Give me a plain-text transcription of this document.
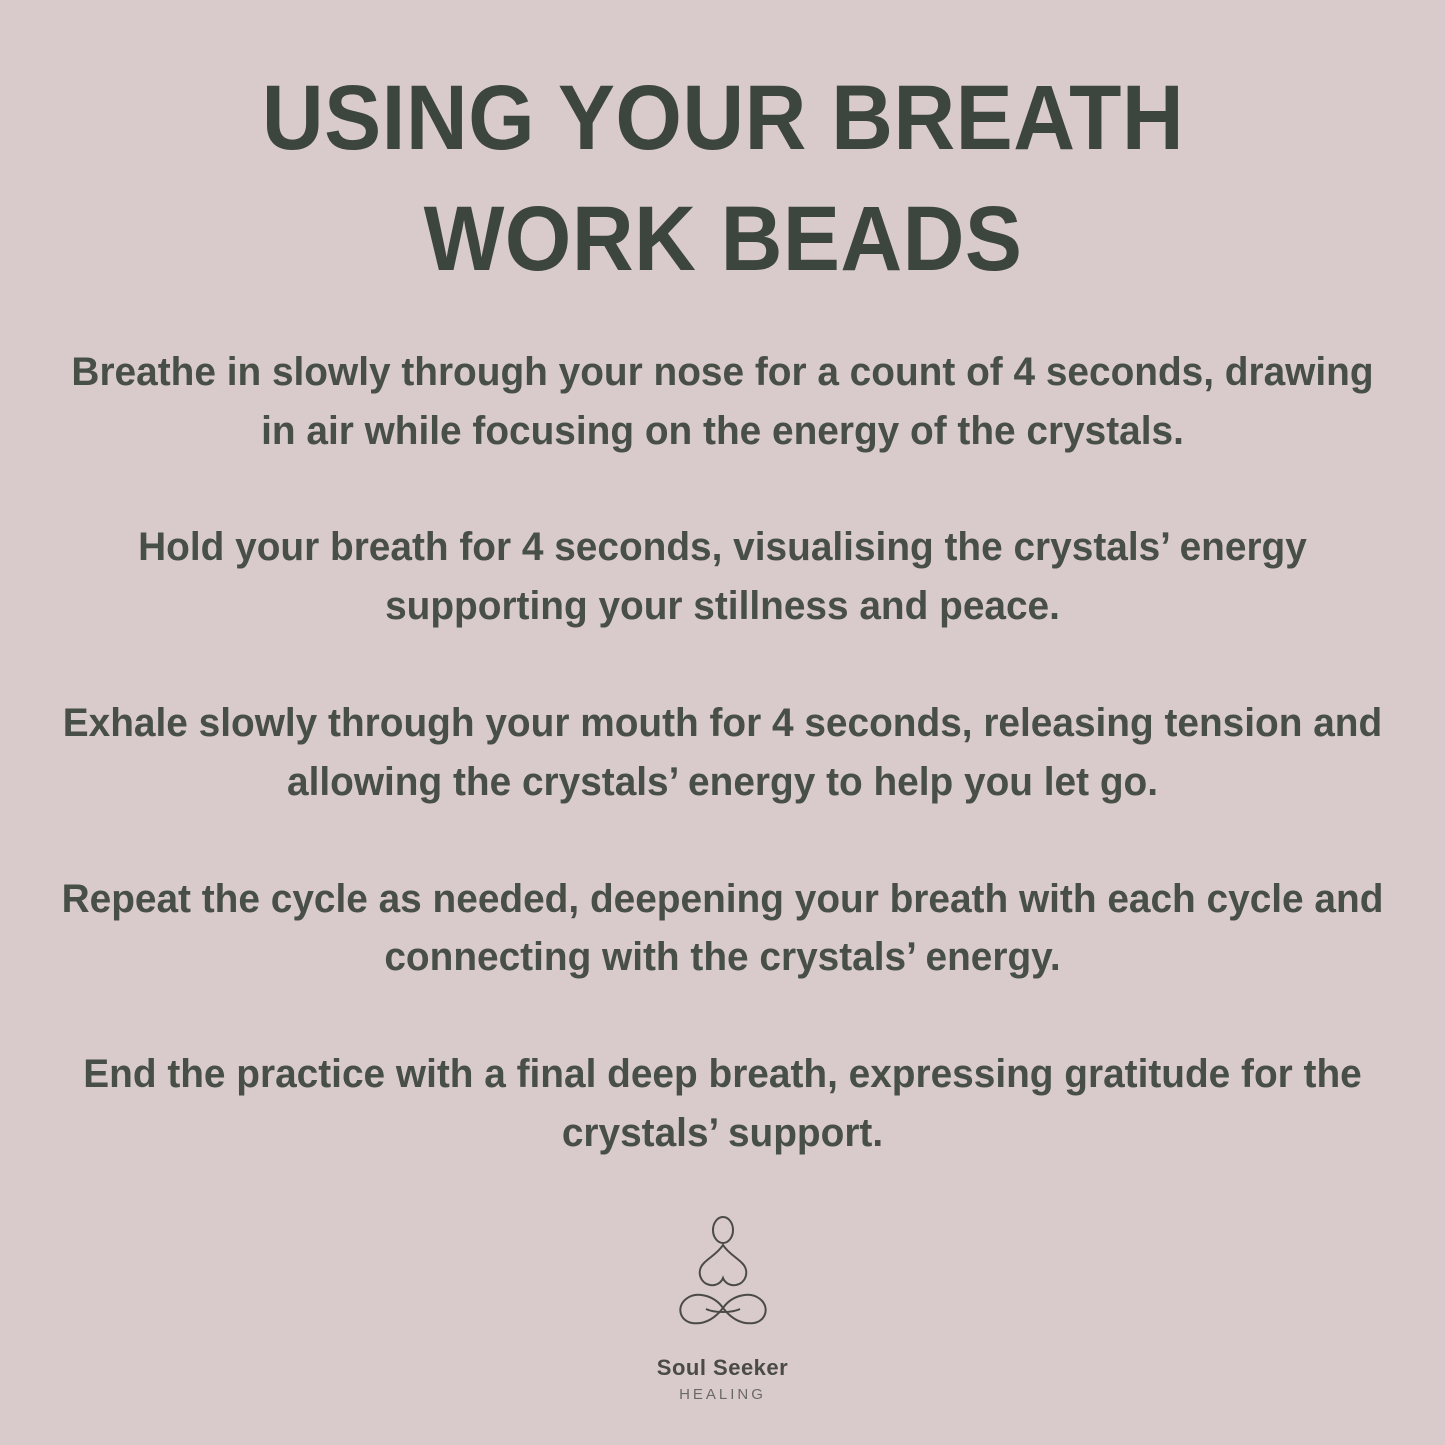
USING YOUR BREATH WORK BEADS

Breathe in slowly through your nose for a count of 4 seconds, drawing in air while focusing on the energy of the crystals.

Hold your breath for 4 seconds, visualising the crystals’ energy supporting your stillness and peace.

Exhale slowly through your mouth for 4 seconds, releasing tension and allowing the crystals’ energy to help you let go.

Repeat the cycle as needed, deepening your breath with each cycle and connecting with the crystals’ energy.

End the practice with a final deep breath, expressing gratitude for the crystals’ support.

Soul Seeker
HEALING
